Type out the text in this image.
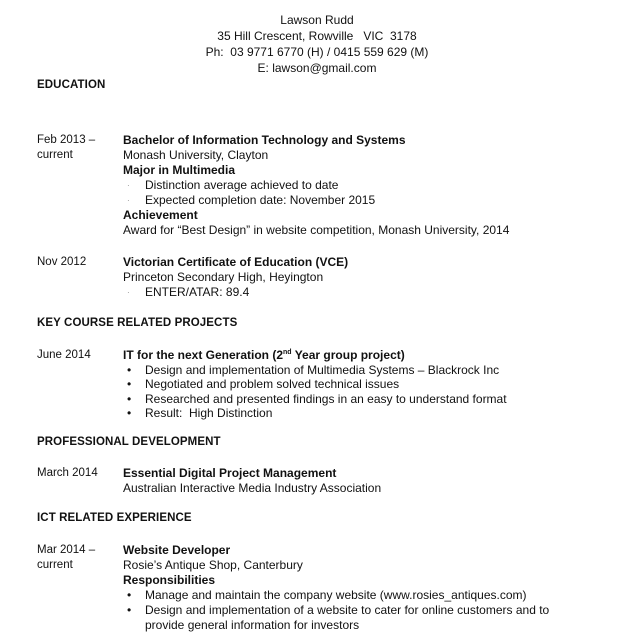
Lawson Rudd
35 Hill Crescent, Rowville   VIC  3178
Ph:  03 9771 6770 (H) / 0415 559 629 (M)
E: lawson@gmail.com
EDUCATION
Feb 2013 –
current
Bachelor of Information Technology and Systems
Monash University, Clayton
Major in Multimedia
· Distinction average achieved to date
· Expected completion date: November 2015
Achievement
Award for “Best Design” in website competition, Monash University, 2014
Nov 2012	Victorian Certificate of Education (VCE)
Princeton Secondary High, Heyington
· ENTER/ATAR: 89.4
KEY COURSE RELATED PROJECTS
June 2014	IT for the next Generation (2nd Year group project)
• Design and implementation of Multimedia Systems – Blackrock Inc
• Negotiated and problem solved technical issues
• Researched and presented findings in an easy to understand format
• Result:  High Distinction
PROFESSIONAL DEVELOPMENT
March 2014 Essential Digital Project Management
Australian Interactive Media Industry Association
ICT RELATED EXPERIENCE
Mar 2014 –
current
Website Developer
Rosie’s Antique Shop, Canterbury
Responsibilities
• Manage and maintain the company website (www.rosies_antiques.com)
• Design and implementation of a website to cater for online customers and to provide general information for investors
